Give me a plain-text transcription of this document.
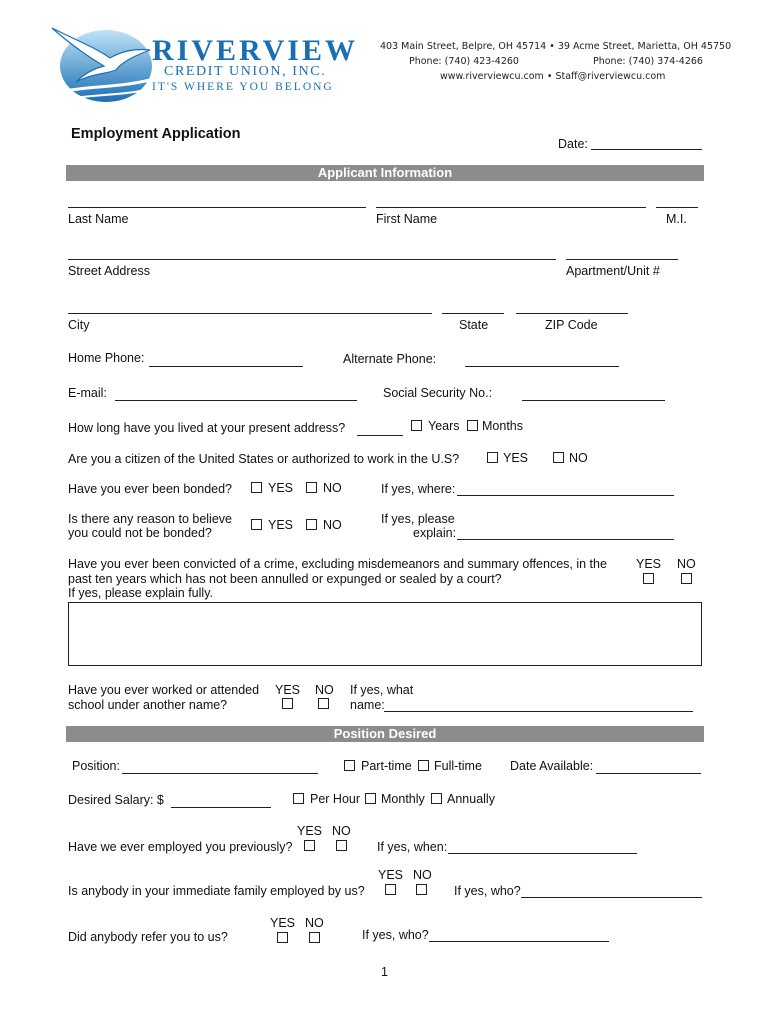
RIVERVIEW
CREDIT UNION, INC.
IT'S WHERE YOU BELONG
403 Main Street, Belpre, OH 45714 • 39 Acme Street, Marietta, OH 45750
Phone: (740) 423-4260	Phone: (740) 374-4266
www.riverviewcu.com • Staff@riverviewcu.com
Employment Application
Date:
Applicant Information
Last Name	First Name	M.I.
Street Address	Apartment/Unit #
City	State	ZIP Code
Home Phone:	Alternate Phone:
E-mail:	Social Security No.:
How long have you lived at your present address?	Years Months
Are you a citizen of the United States or authorized to work in the U.S?	YES	NO
Have you ever been bonded?	YES NO	If yes, where:
Is there any reason to believe
you could not be bonded?
YES NO	If yes, please
explain:
Have you ever been convicted of a crime, excluding misdemeanors and summary offences, in the
past ten years which has not been annulled or expunged or sealed by a court?
If yes, please explain fully.
YES NO
Have you ever worked or attended
school under another name?
YES NO If yes, what
name:
Position Desired
Position:	Part-time Full-time Date Available:
Desired Salary: $	Per Hour Monthly Annually
YES NO
Have we ever employed you previously?	If yes, when:
YES NO
Is anybody in your immediate family employed by us?	If yes, who?
YES NO
Did anybody refer you to us?	If yes, who?
1
